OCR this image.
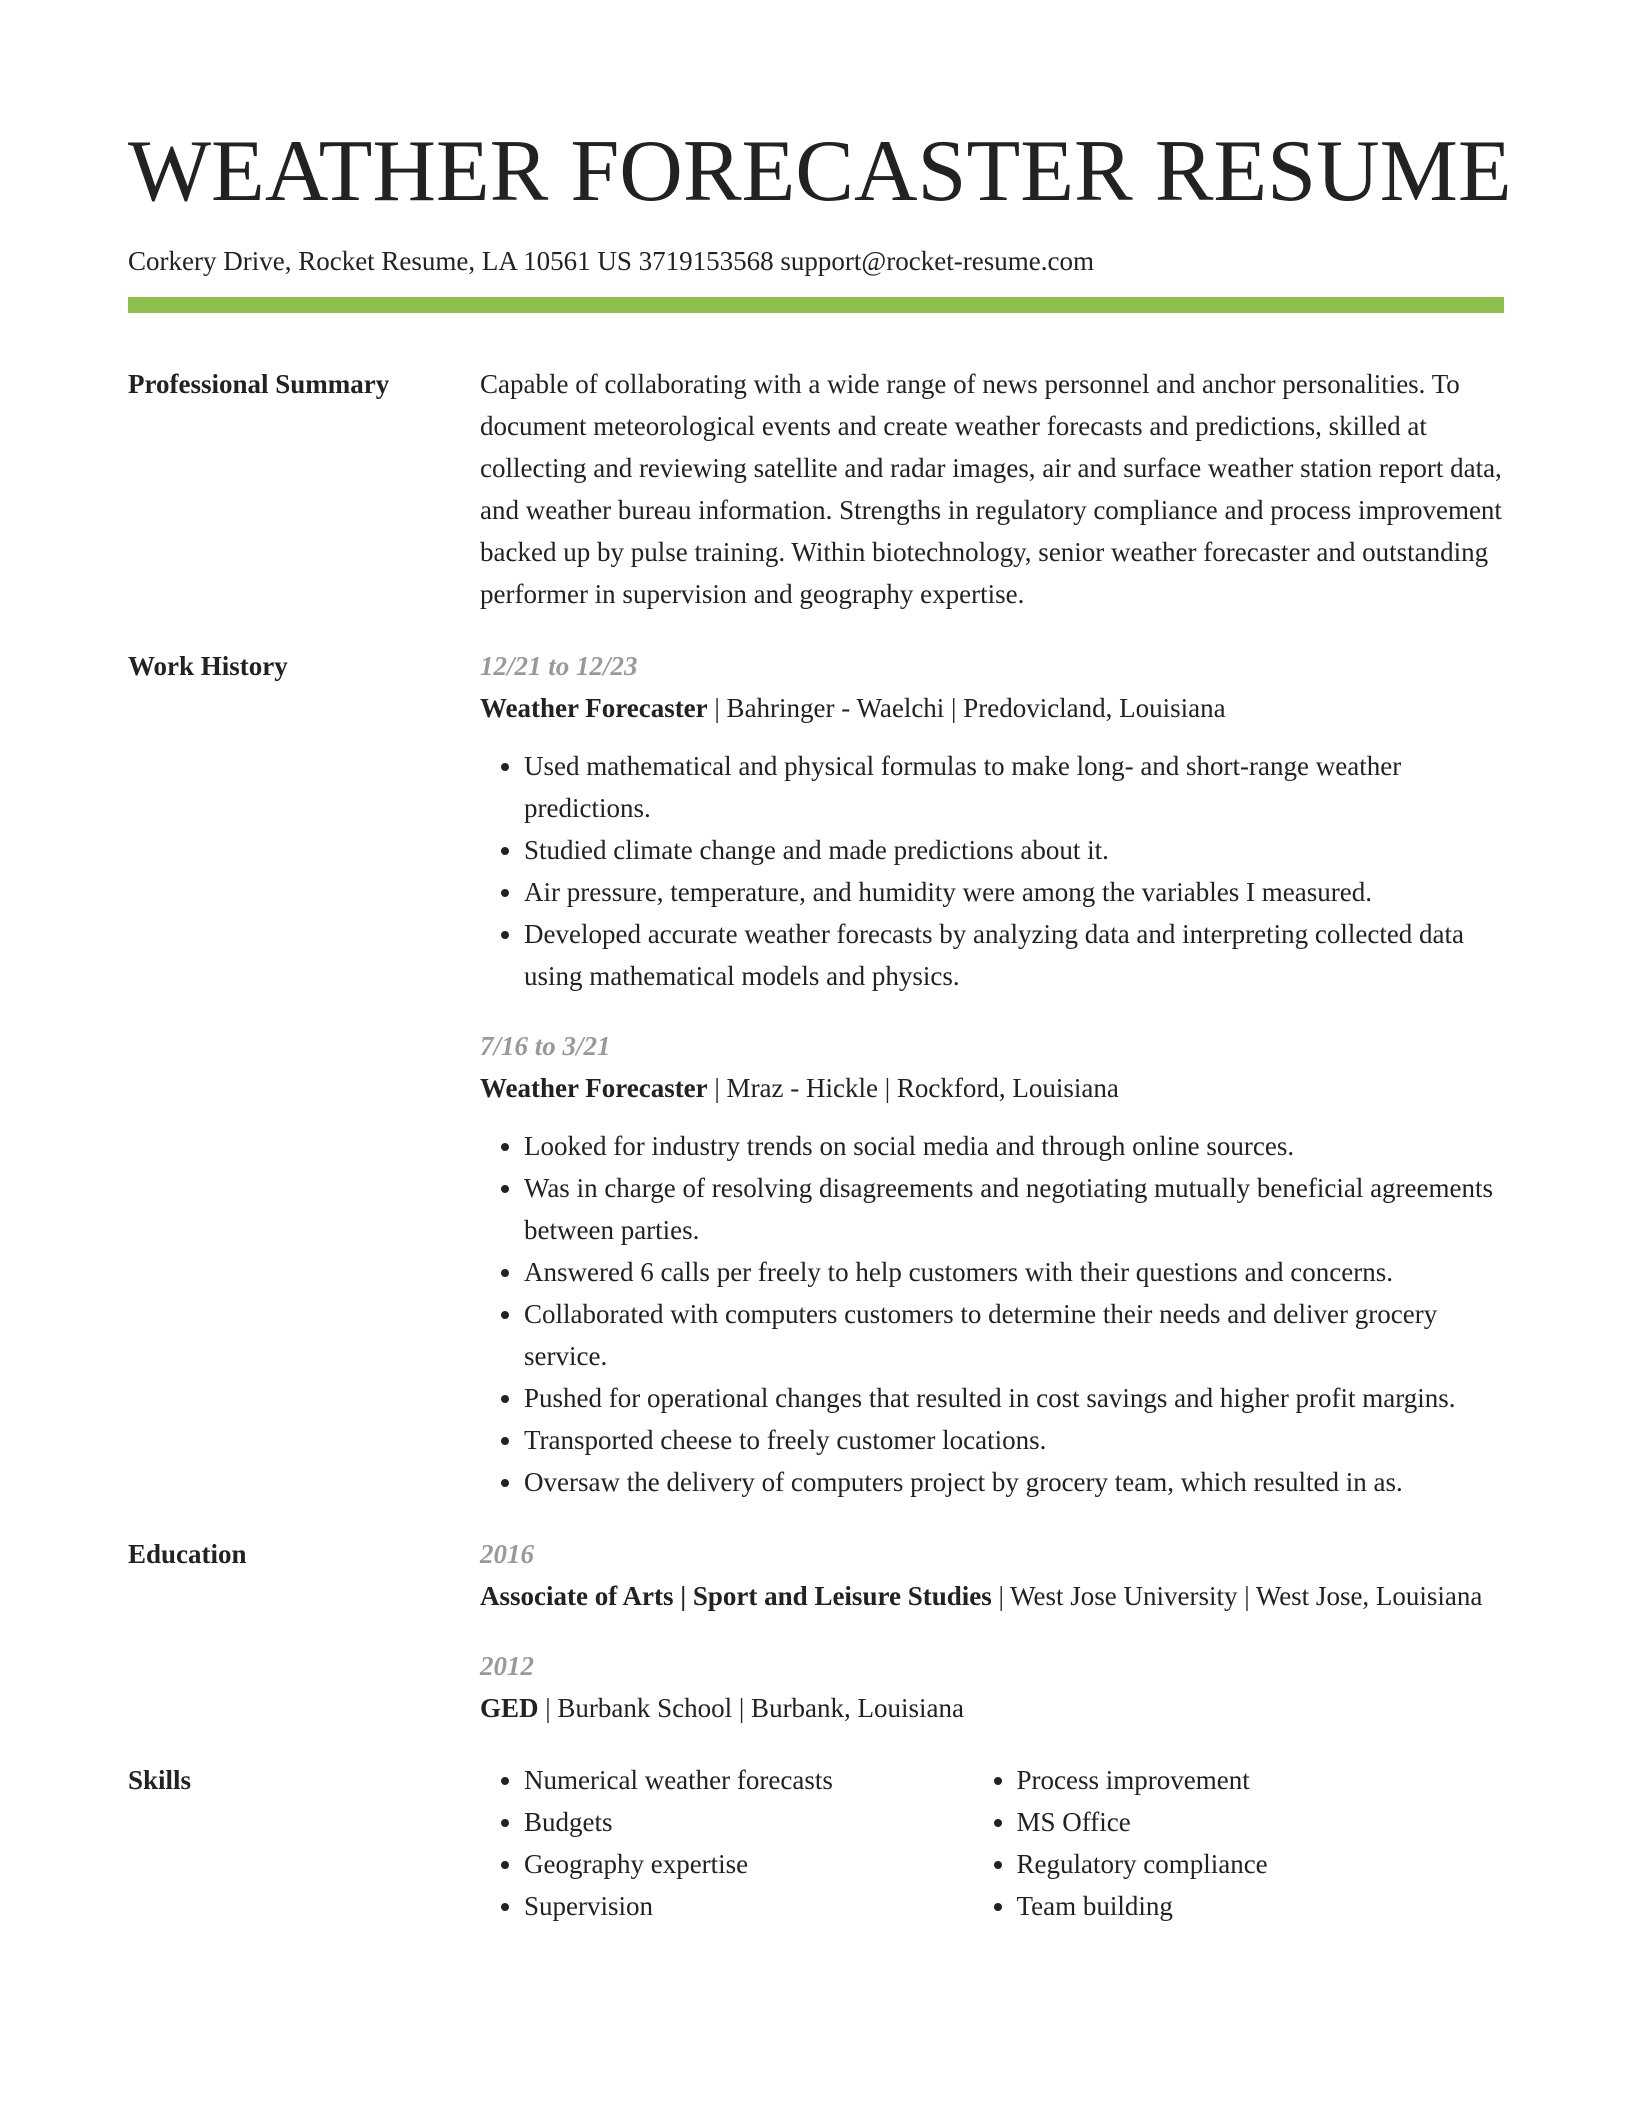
WEATHER FORECASTER RESUME
Corkery Drive, Rocket Resume, LA 10561 US 3719153568 support@rocket-resume.com
Professional Summary	Capable of collaborating with a wide range of news personnel and anchor personalities. To document meteorological events and create weather forecasts and predictions, skilled at collecting and reviewing satellite and radar images, air and surface weather station report data, and weather bureau information. Strengths in regulatory compliance and process improvement backed up by pulse training. Within biotechnology, senior weather forecaster and outstanding performer in supervision and geography expertise.
Work History	12/21 to 12/23
Weather Forecaster | Bahringer - Waelchi | Predovicland, Louisiana
• Used mathematical and physical formulas to make long- and short-range weather predictions.
• Studied climate change and made predictions about it.
• Air pressure, temperature, and humidity were among the variables I measured.
• Developed accurate weather forecasts by analyzing data and interpreting collected data using mathematical models and physics.
7/16 to 3/21
Weather Forecaster | Mraz - Hickle | Rockford, Louisiana
• Looked for industry trends on social media and through online sources.
• Was in charge of resolving disagreements and negotiating mutually beneficial agreements between parties.
• Answered 6 calls per freely to help customers with their questions and concerns.
• Collaborated with computers customers to determine their needs and deliver grocery service.
• Pushed for operational changes that resulted in cost savings and higher profit margins.
• Transported cheese to freely customer locations.
• Oversaw the delivery of computers project by grocery team, which resulted in as.
Education	2016
Associate of Arts | Sport and Leisure Studies | West Jose University | West Jose, Louisiana
2012
GED | Burbank School | Burbank, Louisiana
Skills
•	Numerical weather forecasts
• Budgets
• Geography expertise
• Supervision
• Process improvement
• MS Office
• Regulatory compliance
• Team building
